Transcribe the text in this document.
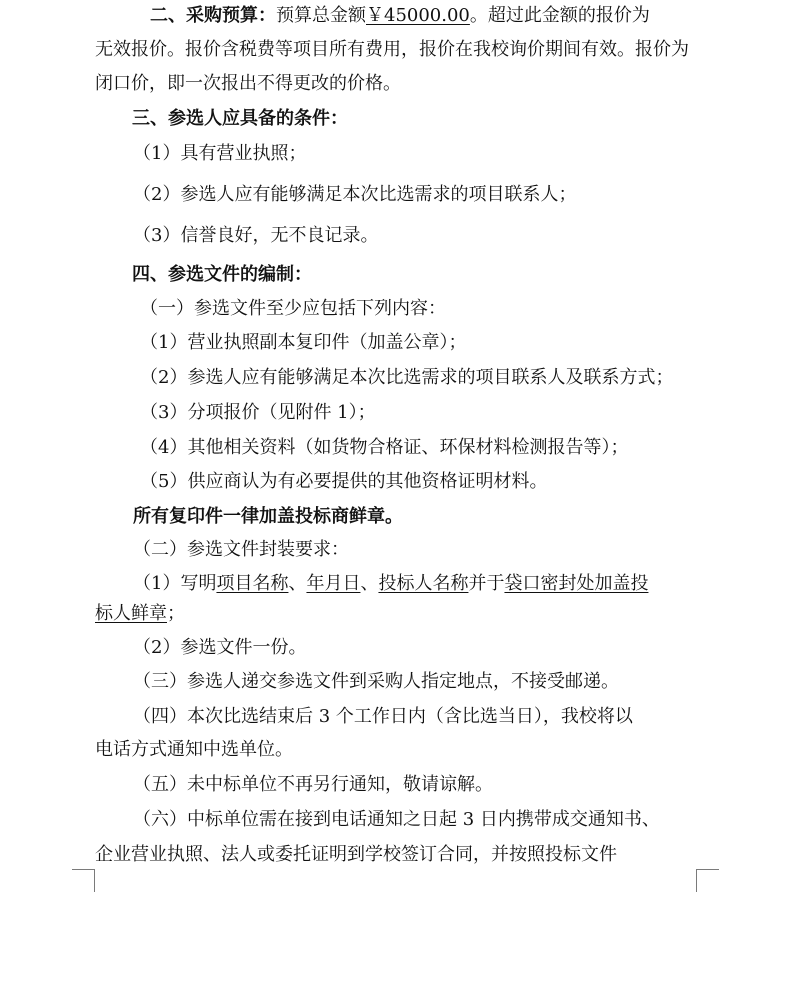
二、采购预算：预算总金额￥45000.00。超过此金额的报价为
无效报价。报价含税费等项目所有费用，报价在我校询价期间有效。报价为
闭口价，即一次报出不得更改的价格。
三、参选人应具备的条件：
（1）具有营业执照；
（2）参选人应有能够满足本次比选需求的项目联系人；
（3）信誉良好，无不良记录。
四、参选文件的编制：
（一）参选文件至少应包括下列内容：
（1）营业执照副本复印件（加盖公章）；
（2）参选人应有能够满足本次比选需求的项目联系人及联系方式；
（3）分项报价（见附件 1）；
（4）其他相关资料（如货物合格证、环保材料检测报告等）；
（5）供应商认为有必要提供的其他资格证明材料。
所有复印件一律加盖投标商鲜章。
（二）参选文件封装要求：
（1）写明项目名称、年月日、投标人名称并于袋口密封处加盖投
标人鲜章；
（2）参选文件一份。
（三）参选人递交参选文件到采购人指定地点，不接受邮递。
（四）本次比选结束后 3 个工作日内（含比选当日），我校将以
电话方式通知中选单位。
（五）未中标单位不再另行通知，敬请谅解。
（六）中标单位需在接到电话通知之日起 3 日内携带成交通知书、
企业营业执照、法人或委托证明到学校签订合同，并按照投标文件
